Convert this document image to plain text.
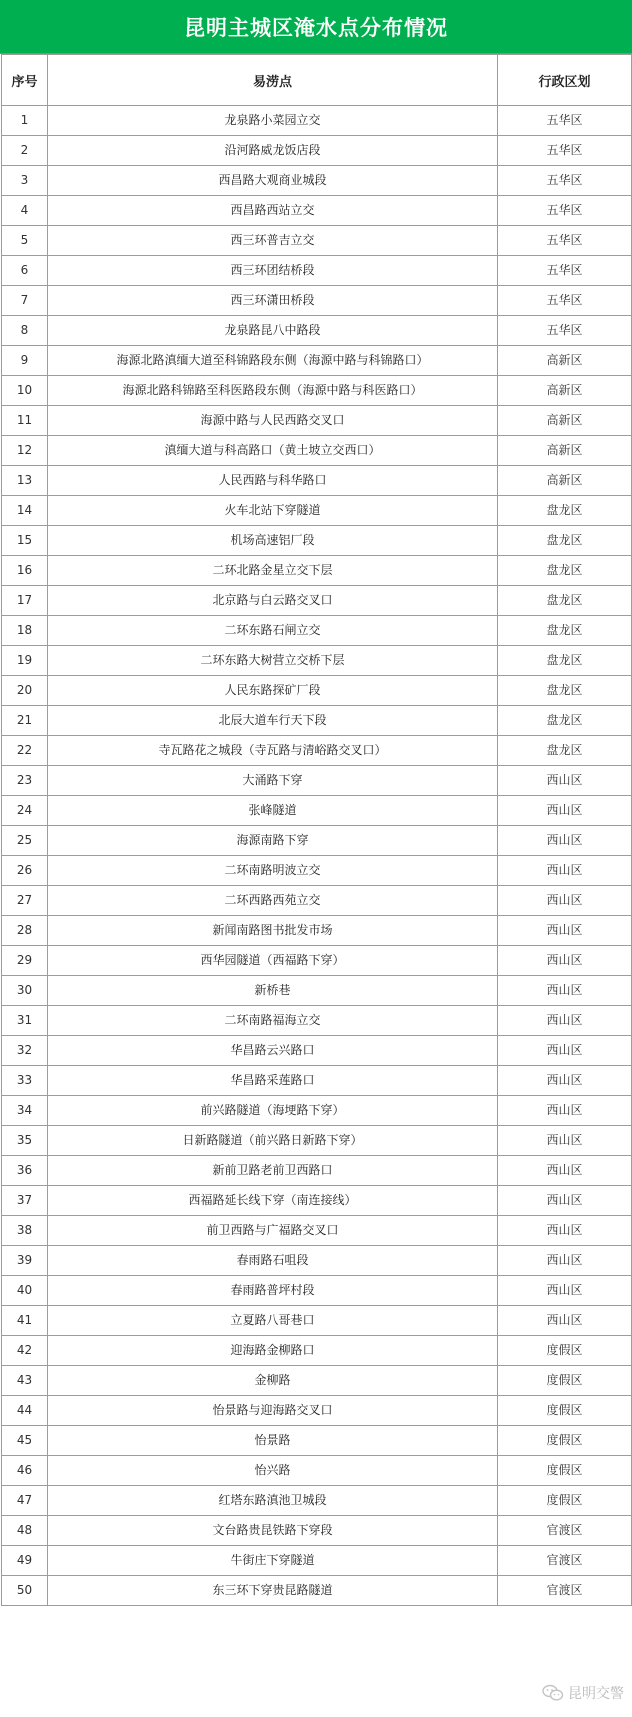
昆明主城区淹水点分布情况
序号	易涝点	行政区划
1	龙泉路小菜园立交	五华区
2	沿河路威龙饭店段	五华区
3	西昌路大观商业城段	五华区
4	西昌路西站立交	五华区
5	西三环普吉立交	五华区
6	西三环团结桥段	五华区
7	西三环潇田桥段	五华区
8	龙泉路昆八中路段	五华区
9	海源北路滇缅大道至科锦路段东侧（海源中路与科锦路口）	高新区
10	海源北路科锦路至科医路段东侧（海源中路与科医路口）	高新区
11	海源中路与人民西路交叉口	高新区
12	滇缅大道与科高路口（黄土坡立交西口）	高新区
13	人民西路与科华路口	高新区
14	火车北站下穿隧道	盘龙区
15	机场高速铝厂段	盘龙区
16	二环北路金星立交下层	盘龙区
17	北京路与白云路交叉口	盘龙区
18	二环东路石闸立交	盘龙区
19	二环东路大树营立交桥下层	盘龙区
20	人民东路探矿厂段	盘龙区
21	北辰大道车行天下段	盘龙区
22	寺瓦路花之城段（寺瓦路与清峪路交叉口）	盘龙区
23	大涌路下穿	西山区
24	张峰隧道	西山区
25	海源南路下穿	西山区
26	二环南路明波立交	西山区
27	二环西路西苑立交	西山区
28	新闻南路图书批发市场	西山区
29	西华园隧道（西福路下穿）	西山区
30	新桥巷	西山区
31	二环南路福海立交	西山区
32	华昌路云兴路口	西山区
33	华昌路采莲路口	西山区
34	前兴路隧道（海埂路下穿）	西山区
35	日新路隧道（前兴路日新路下穿）	西山区
36	新前卫路老前卫西路口	西山区
37	西福路延长线下穿（南连接线）	西山区
38	前卫西路与广福路交叉口	西山区
39	春雨路石咀段	西山区
40	春雨路普坪村段	西山区
41	立夏路八哥巷口	西山区
42	迎海路金柳路口	度假区
43	金柳路	度假区
44	怡景路与迎海路交叉口	度假区
45	怡景路	度假区
46	怡兴路	度假区
47	红塔东路滇池卫城段	度假区
48	文台路贵昆铁路下穿段	官渡区
49	牛街庄下穿隧道	官渡区
50	东三环下穿贵昆路隧道	官渡区
昆明交警
